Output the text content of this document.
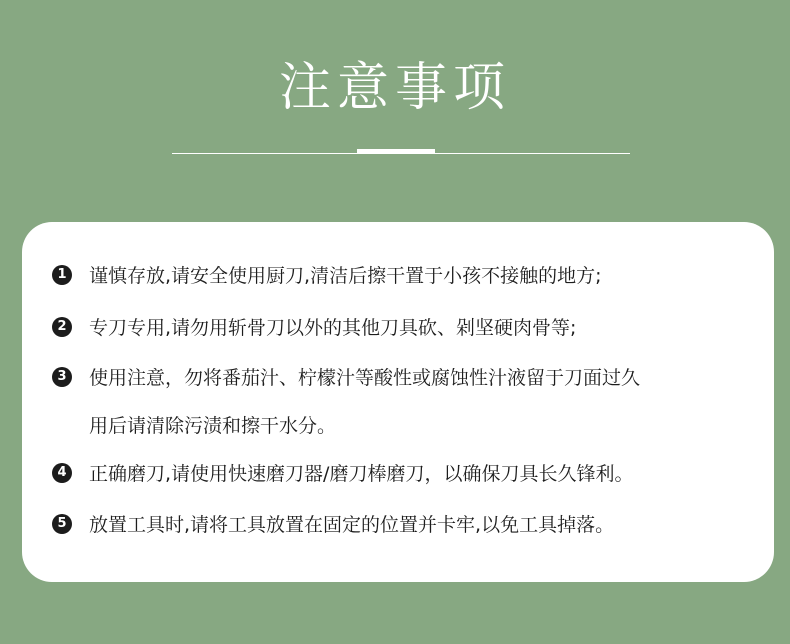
注意事项
1 谨慎存放,请安全使用厨刀,清洁后擦干置于小孩不接触的地方;
2 专刀专用,请勿用斩骨刀以外的其他刀具砍、剁坚硬肉骨等;
3 使用注意，勿将番茄汁、柠檬汁等酸性或腐蚀性汁液留于刀面过久
用后请清除污渍和擦干水分。
4 正确磨刀,请使用快速磨刀器/磨刀棒磨刀，以确保刀具长久锋利。
5 放置工具时,请将工具放置在固定的位置并卡牢,以免工具掉落。
